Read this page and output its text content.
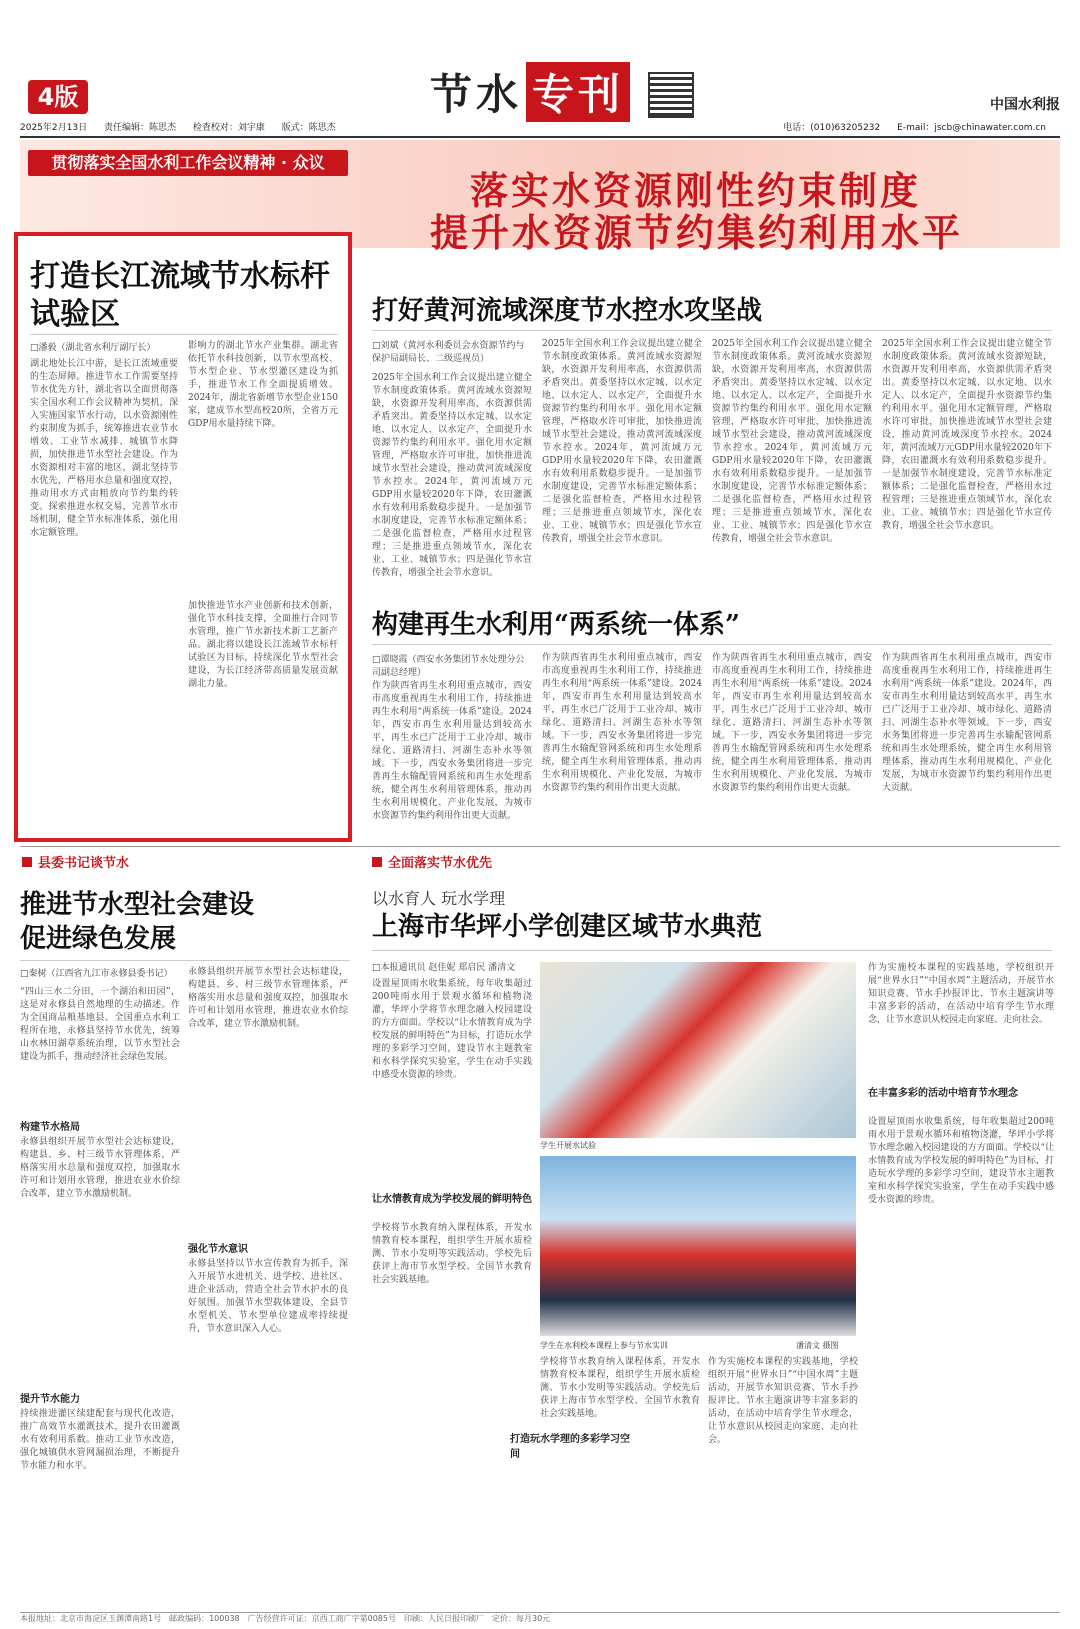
4版	节水 专刊	中国水利报
2025年2月13日 责任编辑：陈思杰 检查校对：刘宇康 版式：陈思杰	电话：(010)63205232 E-mail：jscb@chinawater.com.cn
贯彻落实全国水利工作会议精神 · 众议
落实水资源刚性约束制度
提升水资源节约集约利用水平
打造长江流域节水标杆试验区
□潘毅（湖北省水利厅副厅长）
湖北地处长江中游，是长江流域重要的生态屏障。推进节水工作需要坚持节水优先方针，湖北省以全面贯彻落实全国水利工作会议精神为契机，深入实施国家节水行动，以水资源刚性约束制度为抓手，统筹推进农业节水增效、工业节水减排、城镇节水降损，加快推进节水型社会建设。作为水资源相对丰富的地区，湖北坚持节水优先，严格用水总量和强度双控，推动用水方式由粗放向节约集约转变。探索推进水权交易，完善节水市场机制，健全节水标准体系，强化用水定额管理。
影响力的湖北节水产业集群。湖北省依托节水科技创新，以节水型高校、节水型企业、节水型灌区建设为抓手，推进节水工作全面提质增效。2024年，湖北省新增节水型企业150家，建成节水型高校20所，全省万元GDP用水量持续下降。
加快推进节水产业创新和技术创新，强化节水科技支撑，全面推行合同节水管理，推广节水新技术新工艺新产品。湖北将以建设长江流域节水标杆试验区为目标，持续深化节水型社会建设，为长江经济带高质量发展贡献湖北力量。
打好黄河流域深度节水控水攻坚战
□刘斌（黄河水利委员会水资源节约与保护局副局长、二级巡视员）
2025年全国水利工作会议提出建立健全节水制度政策体系。黄河流域水资源短缺，水资源开发利用率高，水资源供需矛盾突出。黄委坚持以水定城、以水定地、以水定人、以水定产，全面提升水资源节约集约利用水平。强化用水定额管理，严格取水许可审批，加快推进流域节水型社会建设，推动黄河流域深度节水控水。2024年，黄河流域万元GDP用水量较2020年下降，农田灌溉水有效利用系数稳步提升。一是加强节水制度建设，完善节水标准定额体系；二是强化监督检查，严格用水过程管理；三是推进重点领域节水，深化农业、工业、城镇节水；四是强化节水宣传教育，增强全社会节水意识。
2025年全国水利工作会议提出建立健全节水制度政策体系。黄河流域水资源短缺，水资源开发利用率高，水资源供需矛盾突出。黄委坚持以水定城、以水定地、以水定人、以水定产，全面提升水资源节约集约利用水平。强化用水定额管理，严格取水许可审批，加快推进流域节水型社会建设，推动黄河流域深度节水控水。2024年，黄河流域万元GDP用水量较2020年下降，农田灌溉水有效利用系数稳步提升。一是加强节水制度建设，完善节水标准定额体系；二是强化监督检查，严格用水过程管理；三是推进重点领域节水，深化农业、工业、城镇节水；四是强化节水宣传教育，增强全社会节水意识。
2025年全国水利工作会议提出建立健全节水制度政策体系。黄河流域水资源短缺，水资源开发利用率高，水资源供需矛盾突出。黄委坚持以水定城、以水定地、以水定人、以水定产，全面提升水资源节约集约利用水平。强化用水定额管理，严格取水许可审批，加快推进流域节水型社会建设，推动黄河流域深度节水控水。2024年，黄河流域万元GDP用水量较2020年下降，农田灌溉水有效利用系数稳步提升。一是加强节水制度建设，完善节水标准定额体系；二是强化监督检查，严格用水过程管理；三是推进重点领域节水，深化农业、工业、城镇节水；四是强化节水宣传教育，增强全社会节水意识。
2025年全国水利工作会议提出建立健全节水制度政策体系。黄河流域水资源短缺，水资源开发利用率高，水资源供需矛盾突出。黄委坚持以水定城、以水定地、以水定人、以水定产，全面提升水资源节约集约利用水平。强化用水定额管理，严格取水许可审批，加快推进流域节水型社会建设，推动黄河流域深度节水控水。2024年，黄河流域万元GDP用水量较2020年下降，农田灌溉水有效利用系数稳步提升。一是加强节水制度建设，完善节水标准定额体系；二是强化监督检查，严格用水过程管理；三是推进重点领域节水，深化农业、工业、城镇节水；四是强化节水宣传教育，增强全社会节水意识。
构建再生水利用“两系统一体系”
□谭晓霞（西安水务集团节水处理分公司副总经理）
作为陕西省再生水利用重点城市，西安市高度重视再生水利用工作，持续推进再生水利用“两系统一体系”建设。2024年，西安市再生水利用量达到较高水平，再生水已广泛用于工业冷却、城市绿化、道路清扫、河湖生态补水等领域。下一步，西安水务集团将进一步完善再生水输配管网系统和再生水处理系统，健全再生水利用管理体系，推动再生水利用规模化、产业化发展，为城市水资源节约集约利用作出更大贡献。
作为陕西省再生水利用重点城市，西安市高度重视再生水利用工作，持续推进再生水利用“两系统一体系”建设。2024年，西安市再生水利用量达到较高水平，再生水已广泛用于工业冷却、城市绿化、道路清扫、河湖生态补水等领域。下一步，西安水务集团将进一步完善再生水输配管网系统和再生水处理系统，健全再生水利用管理体系，推动再生水利用规模化、产业化发展，为城市水资源节约集约利用作出更大贡献。
作为陕西省再生水利用重点城市，西安市高度重视再生水利用工作，持续推进再生水利用“两系统一体系”建设。2024年，西安市再生水利用量达到较高水平，再生水已广泛用于工业冷却、城市绿化、道路清扫、河湖生态补水等领域。下一步，西安水务集团将进一步完善再生水输配管网系统和再生水处理系统，健全再生水利用管理体系，推动再生水利用规模化、产业化发展，为城市水资源节约集约利用作出更大贡献。
作为陕西省再生水利用重点城市，西安市高度重视再生水利用工作，持续推进再生水利用“两系统一体系”建设。2024年，西安市再生水利用量达到较高水平，再生水已广泛用于工业冷却、城市绿化、道路清扫、河湖生态补水等领域。下一步，西安水务集团将进一步完善再生水输配管网系统和再生水处理系统，健全再生水利用管理体系，推动再生水利用规模化、产业化发展，为城市水资源节约集约利用作出更大贡献。
县委书记谈节水	全面落实节水优先
推进节水型社会建设
促进绿色发展
□秦树（江西省九江市永修县委书记）
“四山三水二分田，一个湖泊和田园”，这是对永修县自然地理的生动描述。作为全国商品粮基地县、全国重点水利工程所在地，永修县坚持节水优先，统筹山水林田湖草系统治理，以节水型社会建设为抓手，推动经济社会绿色发展。
构建节水格局
永修县组织开展节水型社会达标建设，构建县、乡、村三级节水管理体系，严格落实用水总量和强度双控，加强取水许可和计划用水管理，推进农业水价综合改革，建立节水激励机制。
提升节水能力
持续推进灌区续建配套与现代化改造，推广高效节水灌溉技术，提升农田灌溉水有效利用系数。推动工业节水改造，强化城镇供水管网漏损治理，不断提升节水能力和水平。
永修县组织开展节水型社会达标建设，构建县、乡、村三级节水管理体系，严格落实用水总量和强度双控，加强取水许可和计划用水管理，推进农业水价综合改革，建立节水激励机制。
强化节水意识
永修县坚持以节水宣传教育为抓手，深入开展节水进机关、进学校、进社区、进企业活动，营造全社会节水护水的良好氛围。加强节水型载体建设，全县节水型机关、节水型单位建成率持续提升，节水意识深入人心。
以水育人 玩水学理
上海市华坪小学创建区域节水典范
□本报通讯员 赵佳妮 郑启民 潘清文
设置屋顶雨水收集系统，每年收集超过200吨雨水用于景观水循环和植物浇灌，华坪小学将节水理念融入校园建设的方方面面。学校以“让水情教育成为学校发展的鲜明特色”为目标，打造玩水学理的多彩学习空间，建设节水主题教室和水科学探究实验室，学生在动手实践中感受水资源的珍贵。
让水情教育成为学校发展的鲜明特色
学校将节水教育纳入课程体系，开发水情教育校本课程，组织学生开展水质检测、节水小发明等实践活动。学校先后获评上海市节水型学校、全国节水教育社会实践基地。
打造玩水学理的多彩学习空间
学生开展水试验
学生在水利校本课程上参与节水实训	潘清文 摄图
学校将节水教育纳入课程体系，开发水情教育校本课程，组织学生开展水质检测、节水小发明等实践活动。学校先后获评上海市节水型学校、全国节水教育社会实践基地。
作为实施校本课程的实践基地，学校组织开展“世界水日”“中国水周”主题活动，开展节水知识竞赛、节水手抄报评比、节水主题演讲等丰富多彩的活动，在活动中培育学生节水理念，让节水意识从校园走向家庭、走向社会。
作为实施校本课程的实践基地，学校组织开展“世界水日”“中国水周”主题活动，开展节水知识竞赛、节水手抄报评比、节水主题演讲等丰富多彩的活动，在活动中培育学生节水理念，让节水意识从校园走向家庭、走向社会。
在丰富多彩的活动中培育节水理念
设置屋顶雨水收集系统，每年收集超过200吨雨水用于景观水循环和植物浇灌，华坪小学将节水理念融入校园建设的方方面面。学校以“让水情教育成为学校发展的鲜明特色”为目标，打造玩水学理的多彩学习空间，建设节水主题教室和水科学探究实验室，学生在动手实践中感受水资源的珍贵。
本报地址：北京市海淀区玉渊潭南路1号　邮政编码：100038　广告经营许可证：京西工商广字第0085号　印刷：人民日报印刷厂　定价：每月30元
